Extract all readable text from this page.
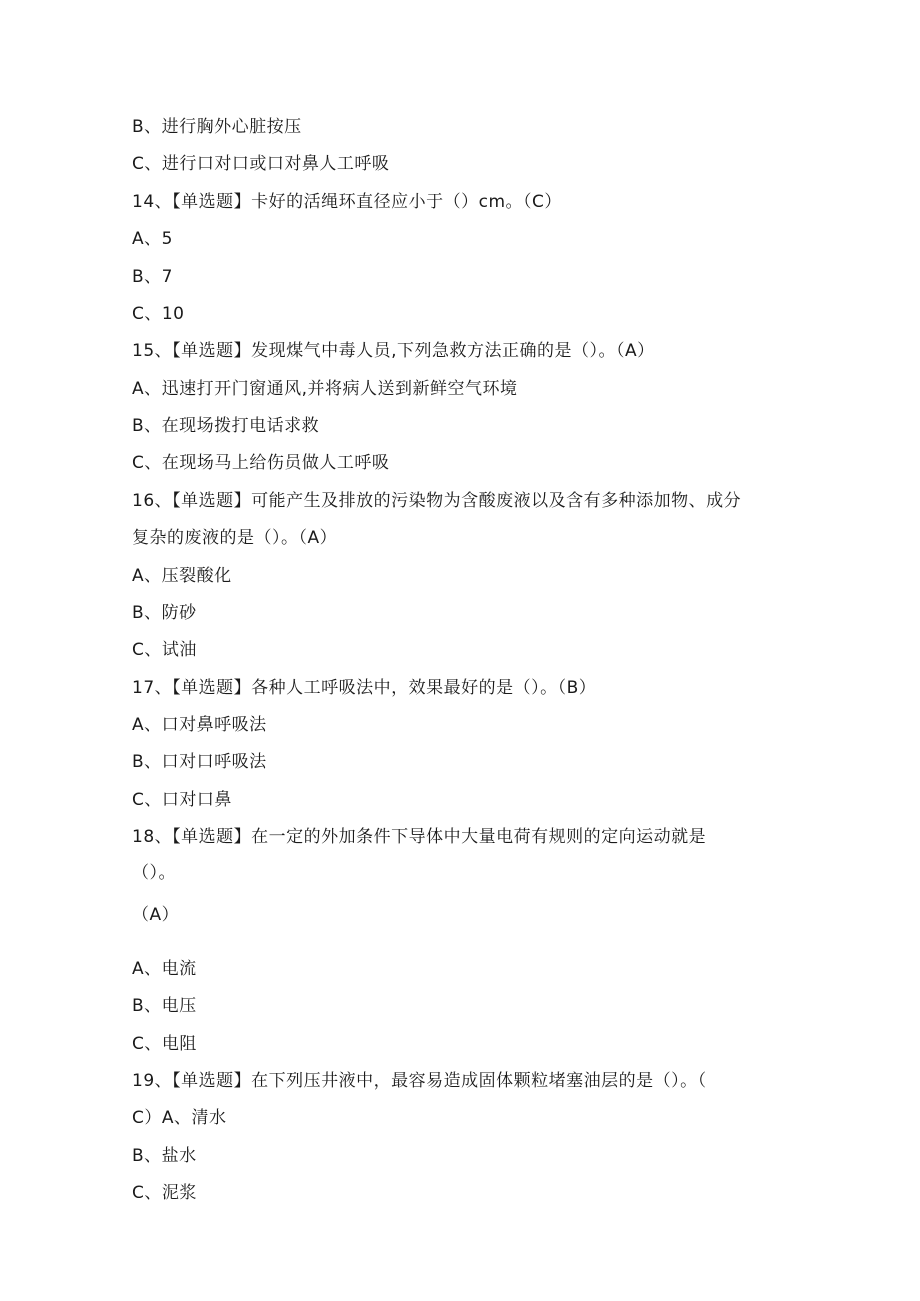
B、进行胸外心脏按压
C、进行口对口或口对鼻人工呼吸
14、【单选题】卡好的活绳环直径应小于（）cm。（C）
A、5
B、7
C、10
15、【单选题】发现煤气中毒人员,下列急救方法正确的是（）。（A）
A、迅速打开门窗通风,并将病人送到新鲜空气环境
B、在现场拨打电话求救
C、在现场马上给伤员做人工呼吸
16、【单选题】可能产生及排放的污染物为含酸废液以及含有多种添加物、成分
复杂的废液的是（）。（A）
A、压裂酸化
B、防砂
C、试油
17、【单选题】各种人工呼吸法中，效果最好的是（）。（B）
A、口对鼻呼吸法
B、口对口呼吸法
C、口对口鼻
18、【单选题】在一定的外加条件下导体中大量电荷有规则的定向运动就是
（）。
（A）
A、电流
B、电压
C、电阻
19、【单选题】在下列压井液中，最容易造成固体颗粒堵塞油层的是（）。（
C）A、清水
B、盐水
C、泥浆
